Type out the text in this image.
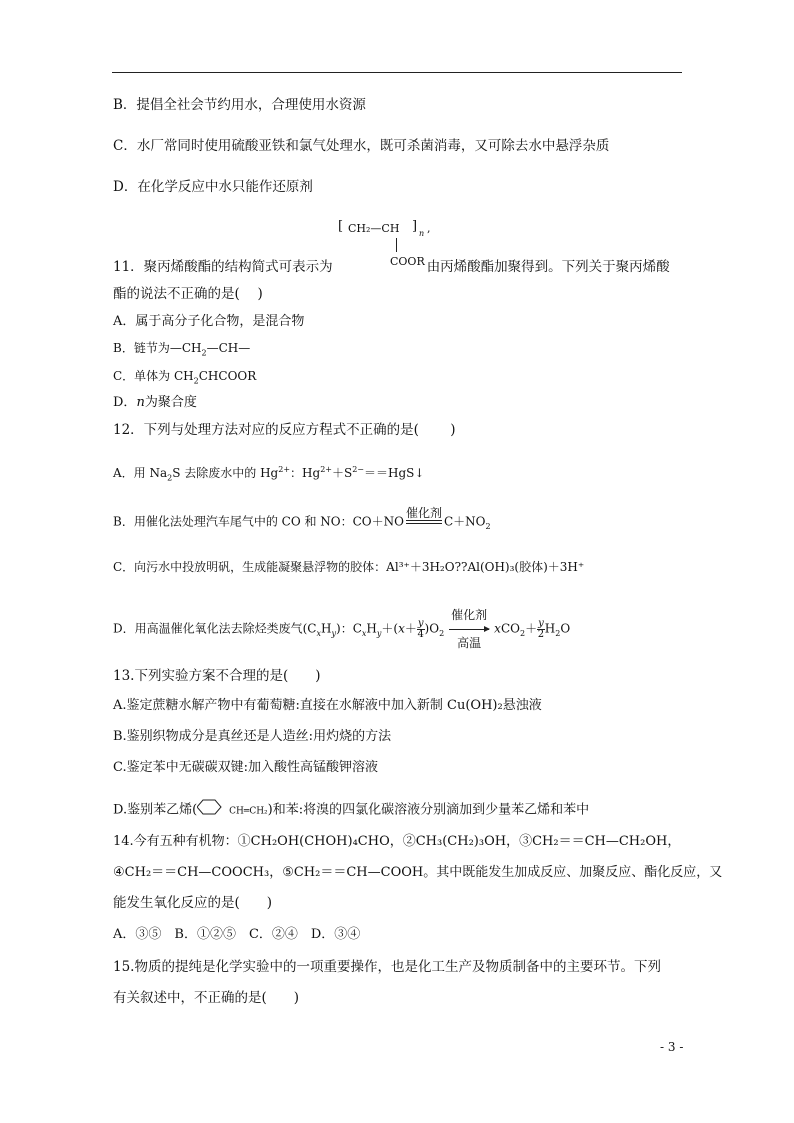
B．提倡全社会节约用水，合理使用水资源
C．水厂常同时使用硫酸亚铁和氯气处理水，既可杀菌消毒，又可除去水中悬浮杂质
D．在化学反应中水只能作还原剂
[ CH₂—CH ] n ,
COOR
11．聚丙烯酸酯的结构简式可表示为	由丙烯酸酯加聚得到。下列关于聚丙烯酸
酯的说法不正确的是(　 )
A．属于高分子化合物，是混合物
B．链节为$—CH_2—CH—$
C．单体为 $CH_2CHCOOR$
D．n为聚合度
12．下列与处理方法对应的反应方程式不正确的是(　　 )
A．用 $Na_2S$ 去除废水中的 $Hg^{2+}$：$Hg^{2+}+S^{2-}==HgS↓$
B．用催化法处理汽车尾气中的 CO 和 NO：CO＋NO
催化剂

$C+NO_2$
C．向污水中投放明矾，生成能凝聚悬浮物的胶体：Al³⁺＋3H₂O??Al(OH)₃(胶体)＋3H⁺
D．用高温催化氧化法去除烃类废气$(C_xH_y)$：$C_xH_y+(x+ \frac{y}{4} )O_2$
催化剂
高温
$xCO_2+ \frac{y}{2} H_2O$
13.下列实验方案不合理的是(　　)
A.鉴定蔗糖水解产物中有葡萄糖:直接在水解液中加入新制 Cu(OH)₂悬浊液
B.鉴别织物成分是真丝还是人造丝:用灼烧的方法
C.鉴定苯中无碳碳双键:加入酸性高锰酸钾溶液
D.鉴别苯乙烯(	CH═CH₂)和苯:将溴的四氯化碳溶液分别滴加到少量苯乙烯和苯中
14.今有五种有机物：①CH₂OH(CHOH)₄CHO，②CH₃(CH₂)₃OH，③CH₂＝＝CH—CH₂OH，
④CH₂＝＝CH—COOCH₃，⑤CH₂＝＝CH—COOH。其中既能发生加成反应、加聚反应、酯化反应，又
能发生氧化反应的是(　　)
A．③⑤　B．①②⑤　C．②④　D．③④
15.物质的提纯是化学实验中的一项重要操作，也是化工生产及物质制备中的主要环节。下列
有关叙述中，不正确的是(　　)
- 3 -
